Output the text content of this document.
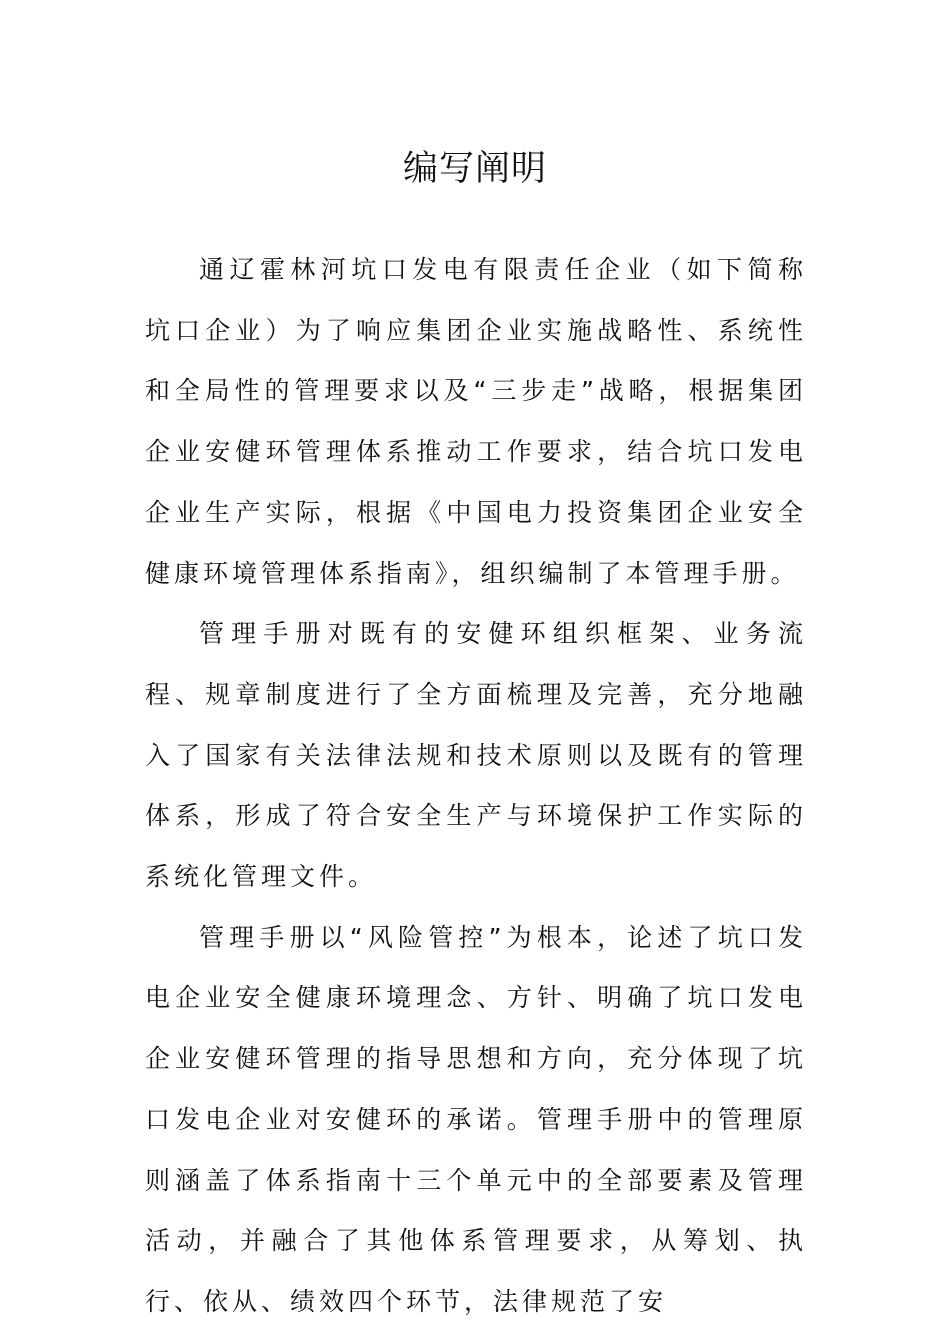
编写阐明

通辽霍林河坑口发电有限责任企业（如下简称坑口企业）为了响应集团企业实施战略性、系统性和全局性的管理要求以及“三步走”战略，根据集团企业安健环管理体系推动工作要求，结合坑口发电企业生产实际，根据《中国电力投资集团企业安全健康环境管理体系指南》，组织编制了本管理手册。

管理手册对既有的安健环组织框架、业务流程、规章制度进行了全方面梳理及完善，充分地融入了国家有关法律法规和技术原则以及既有的管理体系，形成了符合安全生产与环境保护工作实际的系统化管理文件。

管理手册以“风险管控”为根本，论述了坑口发电企业安全健康环境理念、方针、明确了坑口发电企业安健环管理的指导思想和方向，充分体现了坑口发电企业对安健环的承诺。管理手册中的管理原则涵盖了体系指南十三个单元中的全部要素及管理活动，并融合了其他体系管理要求，从筹划、执行、依从、绩效四个环节，法律规范了安
